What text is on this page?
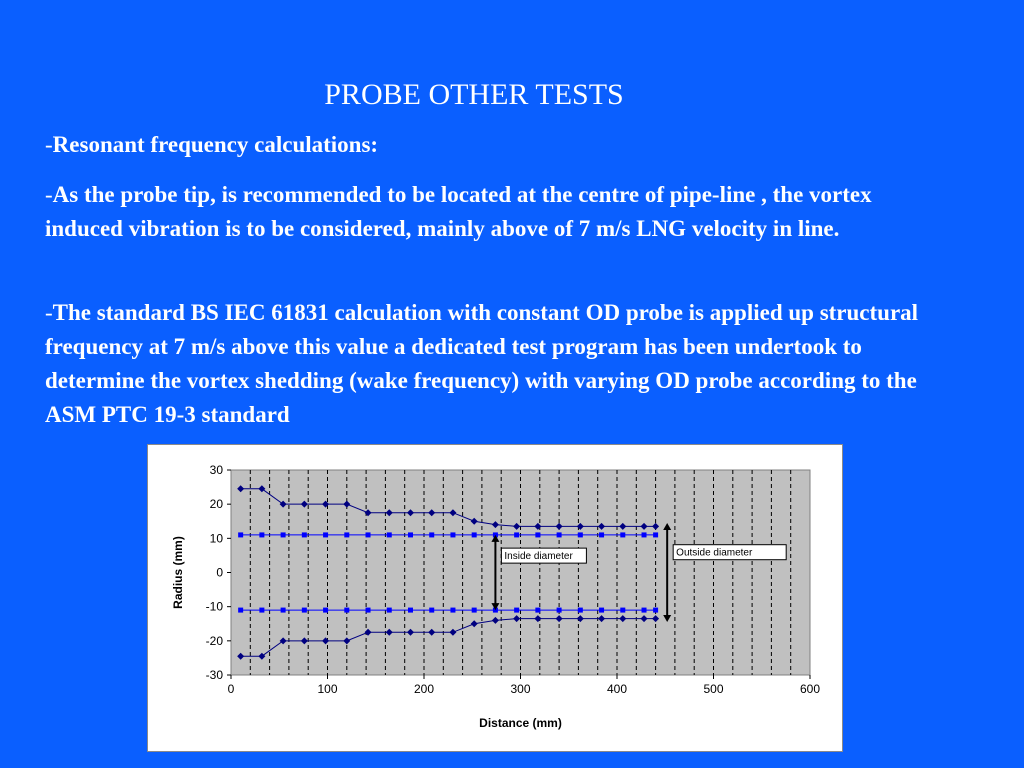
PROBE OTHER TESTS
-Resonant frequency calculations:
-As the probe tip, is recommended to be located at the centre of pipe-line , the vortex induced vibration is to be considered, mainly above of 7 m/s LNG velocity in line.
-The standard BS IEC 61831 calculation with constant OD probe is applied up structural frequency at 7 m/s above this value a dedicated test program has been undertook to determine the vortex shedding (wake frequency) with varying OD probe according to the ASM PTC 19-3 standard
-30
-20
-10
0
10
20
30
0	100	200	300	400	500	600
Distance (mm)
Radius (mm)	Inside diameter	Outside diameter
